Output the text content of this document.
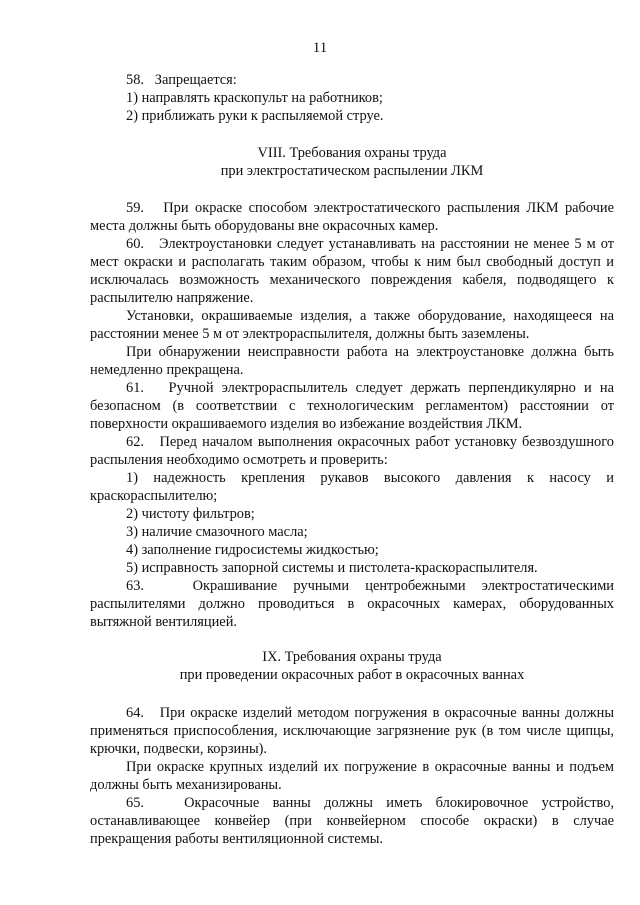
11

58.   Запрещается:

1) направлять краскопульт на работников;

2) приближать руки к распыляемой струе.

VIII. Требования охраны труда

при электростатическом распылении ЛКМ

59.   При окраске способом электростатического распыления ЛКМ рабочие места должны быть оборудованы вне окрасочных камер.

60.   Электроустановки следует устанавливать на расстоянии не менее 5 м от мест окраски и располагать таким образом, чтобы к ним был свободный доступ и исключалась возможность механического повреждения кабеля, подводящего к распылителю напряжение.

Установки, окрашиваемые изделия, а также оборудование, находящееся на расстоянии менее 5 м от электрораспылителя, должны быть заземлены.

При обнаружении неисправности работа на электроустановке должна быть немедленно прекращена.

61.   Ручной электрораспылитель следует держать перпендикулярно и на безопасном (в соответствии с технологическим регламентом) расстоянии от поверхности окрашиваемого изделия во избежание воздействия ЛКМ.

62.   Перед началом выполнения окрасочных работ установку безвоздушного распыления необходимо осмотреть и проверить:

1) надежность крепления рукавов высокого давления к насосу и краскораспылителю;

2) чистоту фильтров;

3) наличие смазочного масла;

4) заполнение гидросистемы жидкостью;

5) исправность запорной системы и пистолета-краскораспылителя.

63.   Окрашивание ручными центробежными электростатическими распылителями должно проводиться в окрасочных камерах, оборудованных вытяжной вентиляцией.

IX. Требования охраны труда

при проведении окрасочных работ в окрасочных ваннах

64.   При окраске изделий методом погружения в окрасочные ванны должны применяться приспособления, исключающие загрязнение рук (в том числе щипцы, крючки, подвески, корзины).

При окраске крупных изделий их погружение в окрасочные ванны и подъем должны быть механизированы.

65.   Окрасочные ванны должны иметь блокировочное устройство, останавливающее конвейер (при конвейерном способе окраски) в случае прекращения работы вентиляционной системы.
